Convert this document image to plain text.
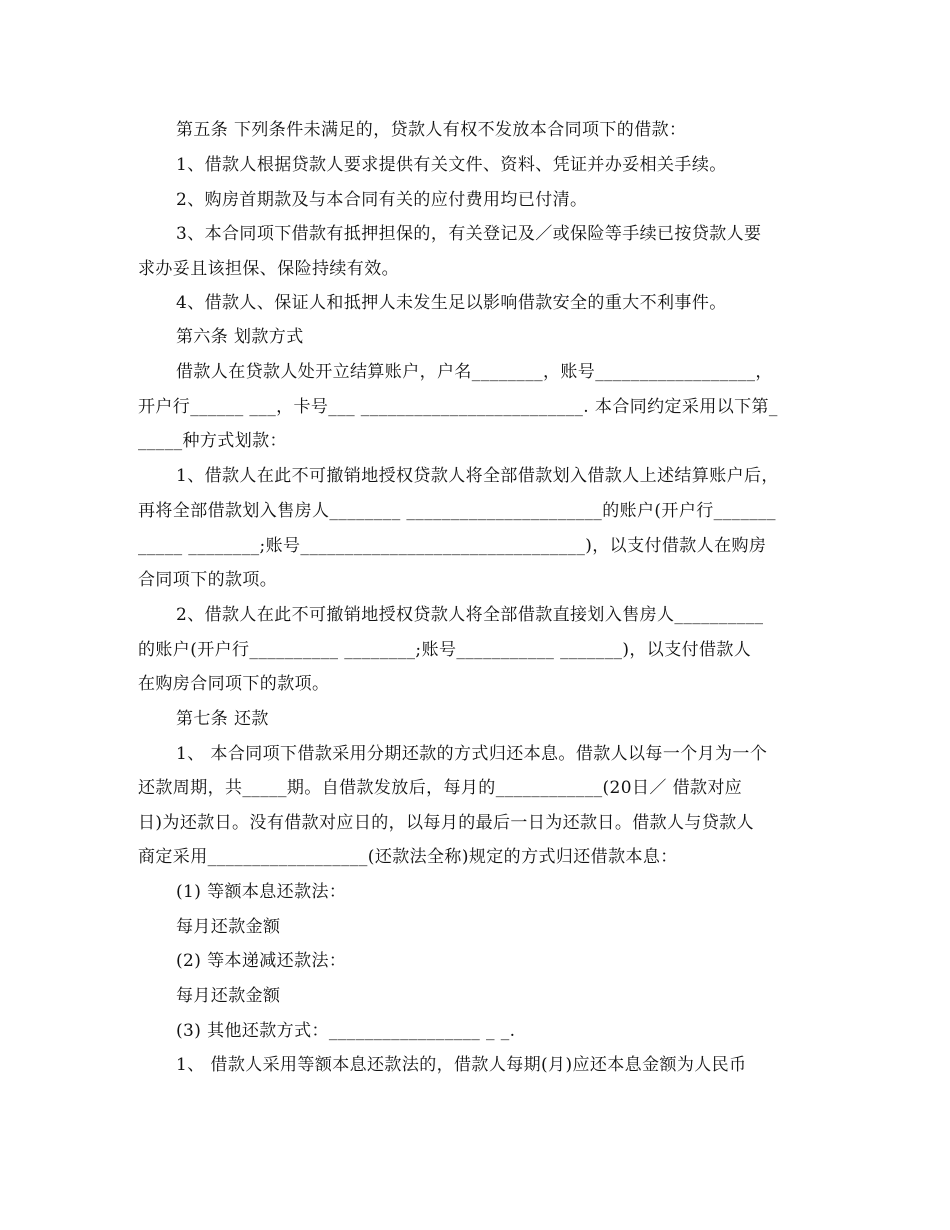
第五条 下列条件未满足的，贷款人有权不发放本合同项下的借款：
1、借款人根据贷款人要求提供有关文件、资料、凭证并办妥相关手续。
2、购房首期款及与本合同有关的应付费用均已付清。
3、本合同项下借款有抵押担保的，有关登记及／或保险等手续已按贷款人要
求办妥且该担保、保险持续有效。
4、借款人、保证人和抵押人未发生足以影响借款安全的重大不利事件。
第六条 划款方式
借款人在贷款人处开立结算账户，户名________，账号__________________，
开户行______ ___，卡号___ _________________________. 本合同约定采用以下第_
_____种方式划款：
1、借款人在此不可撤销地授权贷款人将全部借款划入借款人上述结算账户后，
再将全部借款划入售房人________ ______________________的账户(开户行_______
_____ ________;账号________________________________)，以支付借款人在购房
合同项下的款项。
2、借款人在此不可撤销地授权贷款人将全部借款直接划入售房人__________
的账户(开户行__________ ________;账号___________ _______)，以支付借款人
在购房合同项下的款项。
第七条 还款
1、 本合同项下借款采用分期还款的方式归还本息。借款人以每一个月为一个
还款周期，共_____期。自借款发放后，每月的____________(20日／ 借款对应
日)为还款日。没有借款对应日的，以每月的最后一日为还款日。借款人与贷款人
商定采用__________________(还款法全称)规定的方式归还借款本息：
(1) 等额本息还款法：
每月还款金额
(2) 等本递减还款法：
每月还款金额
(3) 其他还款方式：_________________ _ _.
1、 借款人采用等额本息还款法的，借款人每期(月)应还本息金额为人民币
